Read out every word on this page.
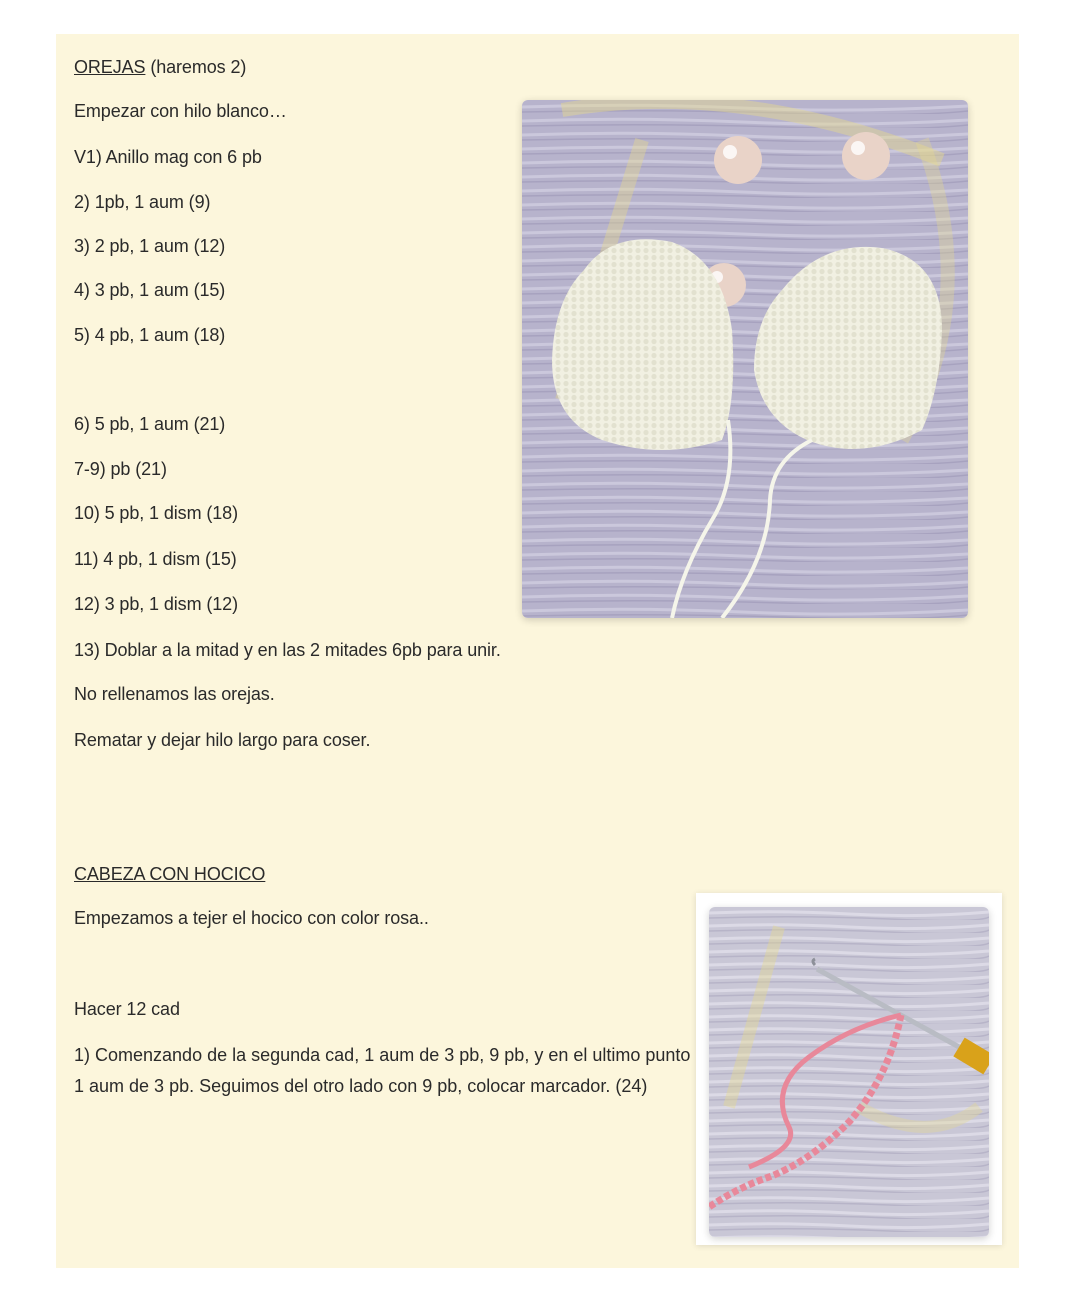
OREJAS (haremos 2)
Empezar con hilo blanco…
V1) Anillo mag con 6 pb
2) 1pb, 1 aum (9)
3) 2 pb, 1 aum (12)
4) 3 pb, 1 aum (15)
5) 4 pb, 1 aum (18)
6) 5 pb, 1 aum (21)
7-9) pb (21)
10) 5 pb, 1 dism (18)
11) 4 pb, 1 dism (15)
12) 3 pb, 1 dism (12)
13) Doblar a la mitad y en las 2 mitades 6pb para unir.
No rellenamos las orejas.
Rematar y dejar hilo largo para coser.
CABEZA CON HOCICO
Empezamos a tejer el hocico con color rosa..
Hacer 12 cad
1) Comenzando de la segunda cad, 1 aum de 3 pb, 9 pb, y en el ultimo punto 1 aum de 3 pb. Seguimos del otro lado con 9 pb, colocar marcador. (24)
